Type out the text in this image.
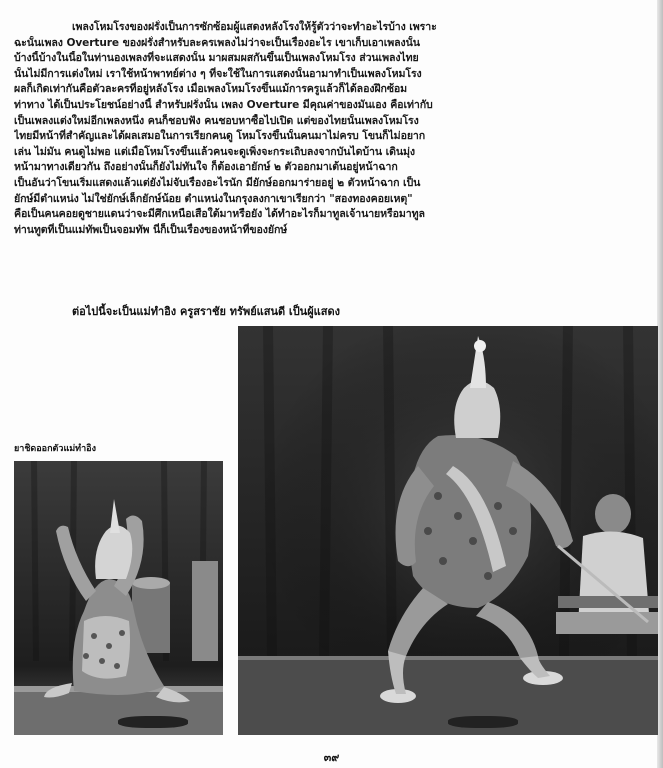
เพลงโหมโรงของฝรั่งเป็นการซักซ้อมผู้แสดงหลังโรงให้รู้ตัวว่าจะทำอะไรบ้าง เพราะ
ฉะนั้นเพลง Overture ของฝรั่งสำหรับละครเพลงไม่ว่าจะเป็นเรื่องอะไร เขาเก็บเอาเพลงนั้น
บ้างนี้บ้างในนี้อในท่านองเพลงที่จะแสดงนั้น มาผสมผสกันขึ้นเป็นเพลงโหมโรง ส่วนเพลงไทย
นั้นไม่มีการแต่งใหม่ เราใช้หน้าพาทย์ต่าง ๆ ที่จะใช้ในการแสดงนั้นอามาทำเป็นเพลงโหมโรง
ผลก็เกิดเท่ากันคือตัวละครที่อยู่หลังโรง เมื่อเพลงโหมโรงขึ้นแม้การครูแล้วก็ได้ลองฝึกซ้อม
ท่าทาง ได้เป็นประโยชน์อย่างนี้ สำหรับฝรั่งนั้น เพลง Overture มีคุณค่าของมันเอง คือเท่ากับ
เป็นเพลงแต่งใหม่อีกเพลงหนึ่ง คนก็ชอบฟัง คนชอบหาซื้อไปเปิด แต่ของไทยนั้นเพลงโหมโรง
ไทยมีหน้าที่สำคัญและได้ผลเสมอในการเรียกคนดู โหมโรงขึ้นนั้นคนมาไม่ครบ โขนก็ไม่อยาก
เล่น ไม่มัน คนดูไม่พอ แต่เมื่อโหมโรงขึ้นแล้วคนจะดูเพิ่งจะกระเถิบลงจากบันไดบ้าน เดินมุ่ง
หน้ามาทางเดียวกัน ถึงอย่างนั้นก็ยังไม่ทันใจ ก็ต้องเอายักษ์ ๒ ตัวออกมาเต้นอยู่หน้าฉาก
เป็นอันว่าโขนเริ่มแสดงแล้วแต่ยังไม่จับเรื่องอะไรนัก มียักษ์ออกมาร่ายอยู่ ๒ ตัวหน้าฉาก เป็น
ยักษ์มีตำแหน่ง ไม่ใช่ยักษ์เล็กยักษ์น้อย ตำแหน่งในกรุงลงกาเขาเรียกว่า "สองทองคอยเหตุ"
คือเป็นคนคอยดูชายแดนว่าจะมีศึกเหนือเสือใต้มาหรือยัง ได้ทำอะไรก็มาทูลเจ้านายหรือมาทูล
ท่านทูตที่เป็นแม่ทัพเป็นจอมทัพ นี่ก็เป็นเรื่องของหน้าที่ของยักษ์
ต่อไปนี้จะเป็นแม่ทำอิง ครูสราชัย ทรัพย์แสนดี เป็นผู้แสดง
ยาชิดออกตัวแม่ทำอิง
๓๙
